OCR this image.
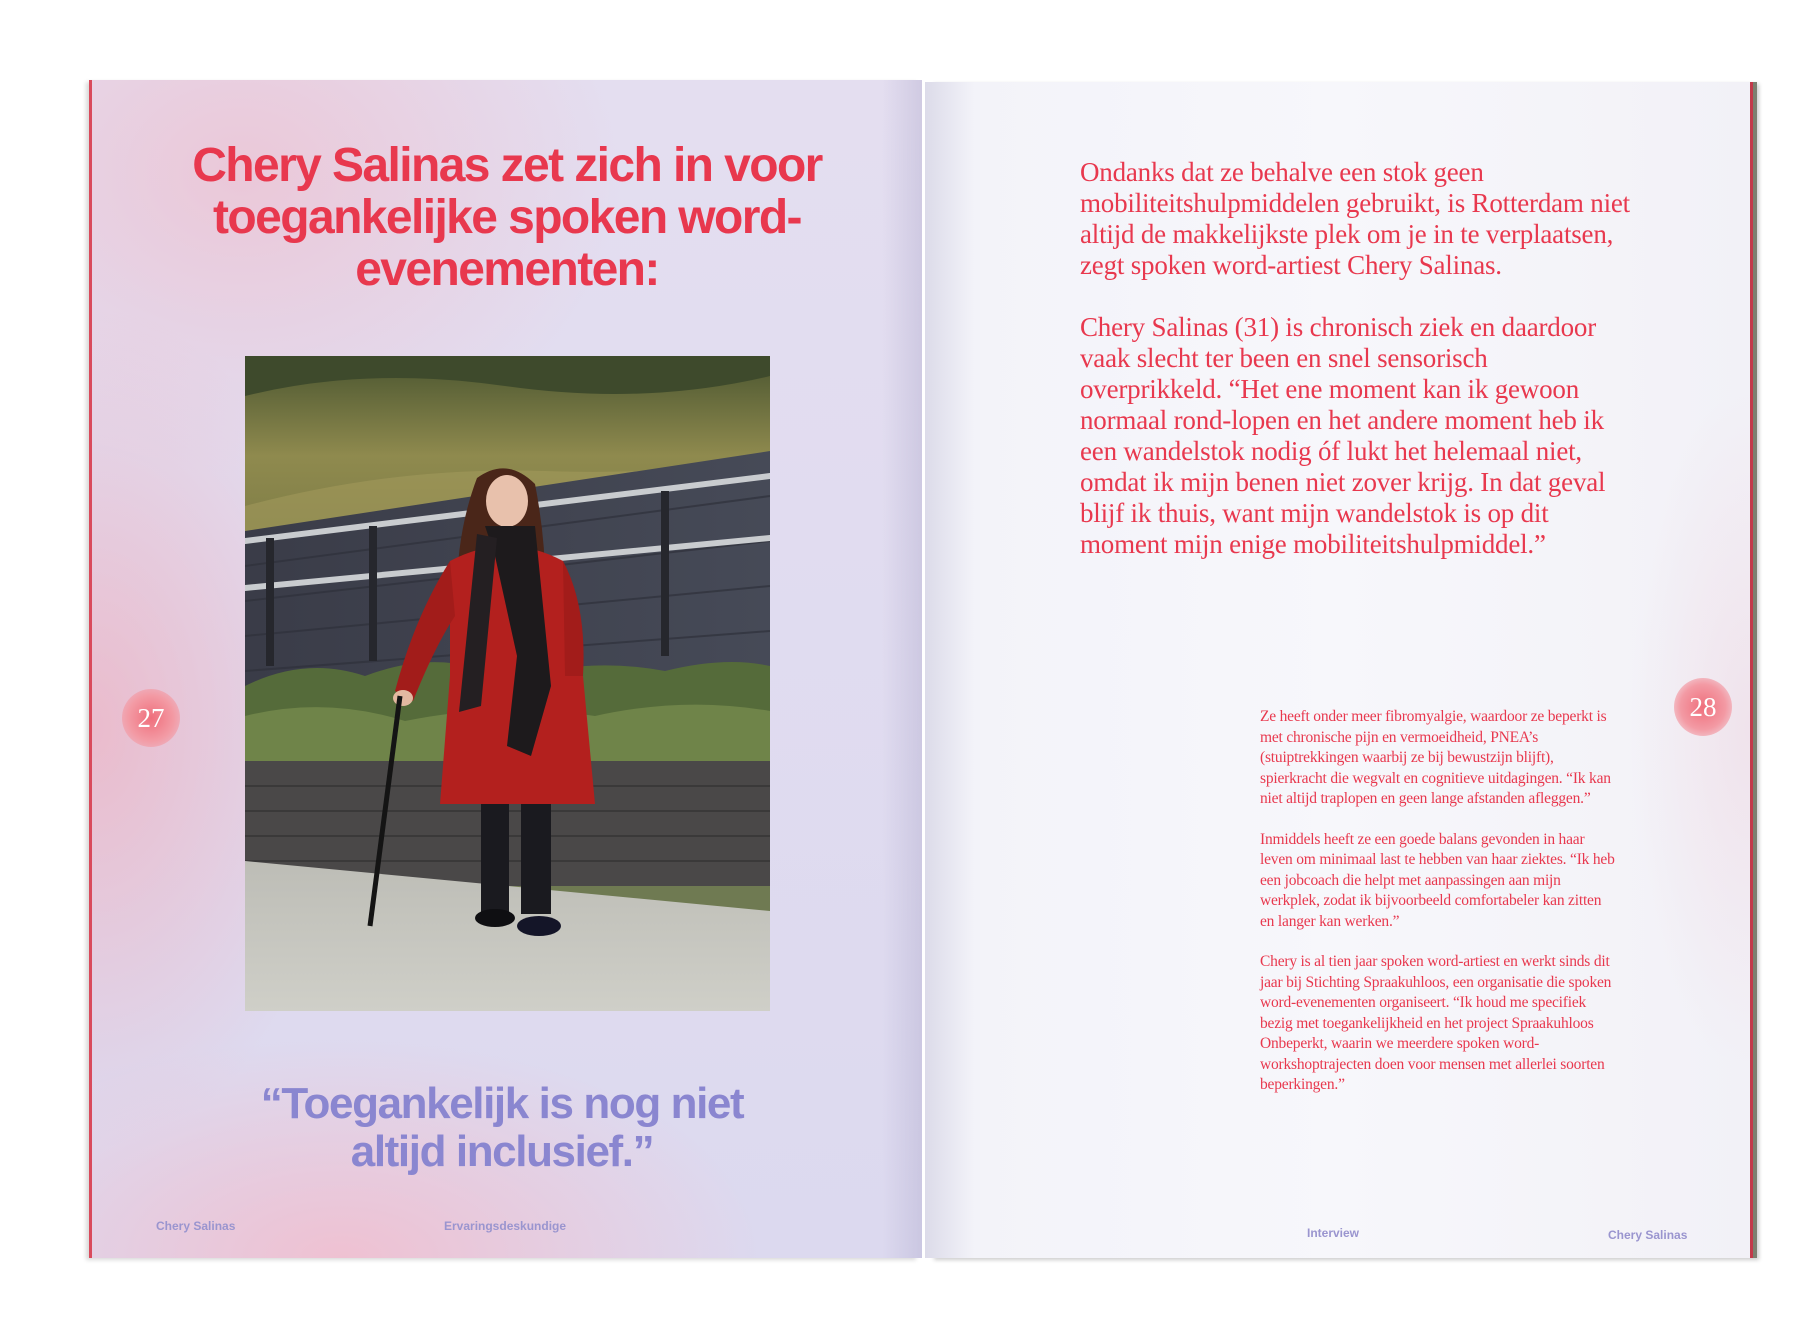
Chery Salinas zet zich in voor toegankelijke spoken word-evenementen:
27

“Toegankelijk is nog niet altijd inclusief.”

Chery Salinas	Ervaringsdeskundige

Ondanks dat ze behalve een stok geen mobiliteitshulpmiddelen gebruikt, is Rotterdam niet altijd de makkelijkste plek om je in te verplaatsen, zegt spoken word-artiest Chery Salinas.

Chery Salinas (31) is chronisch ziek en daardoor vaak slecht ter been en snel sensorisch overprikkeld. “Het ene moment kan ik gewoon normaal rond-lopen en het andere moment heb ik een wandelstok nodig óf lukt het helemaal niet, omdat ik mijn benen niet zover krijg. In dat geval blijf ik thuis, want mijn wandelstok is op dit moment mijn enige mobiliteitshulpmiddel.”

28

Ze heeft onder meer fibromyalgie, waardoor ze beperkt is met chronische pijn en vermoeidheid, PNEA’s (stuiptrekkingen waarbij ze bij bewustzijn blijft), spierkracht die wegvalt en cognitieve uitdagingen. “Ik kan niet altijd traplopen en geen lange afstanden afleggen.”

Inmiddels heeft ze een goede balans gevonden in haar leven om minimaal last te hebben van haar ziektes. “Ik heb een jobcoach die helpt met aanpassingen aan mijn werkplek, zodat ik bijvoorbeeld comfortabeler kan zitten en langer kan werken.”

Chery is al tien jaar spoken word-artiest en werkt sinds dit jaar bij Stichting Spraakuhloos, een organisatie die spoken word-evenementen organiseert. “Ik houd me specifiek bezig met toegankelijkheid en het project Spraakuhloos Onbeperkt, waarin we meerdere spoken word-workshoptrajecten doen voor mensen met allerlei soorten beperkingen.”

Interview	Chery Salinas
